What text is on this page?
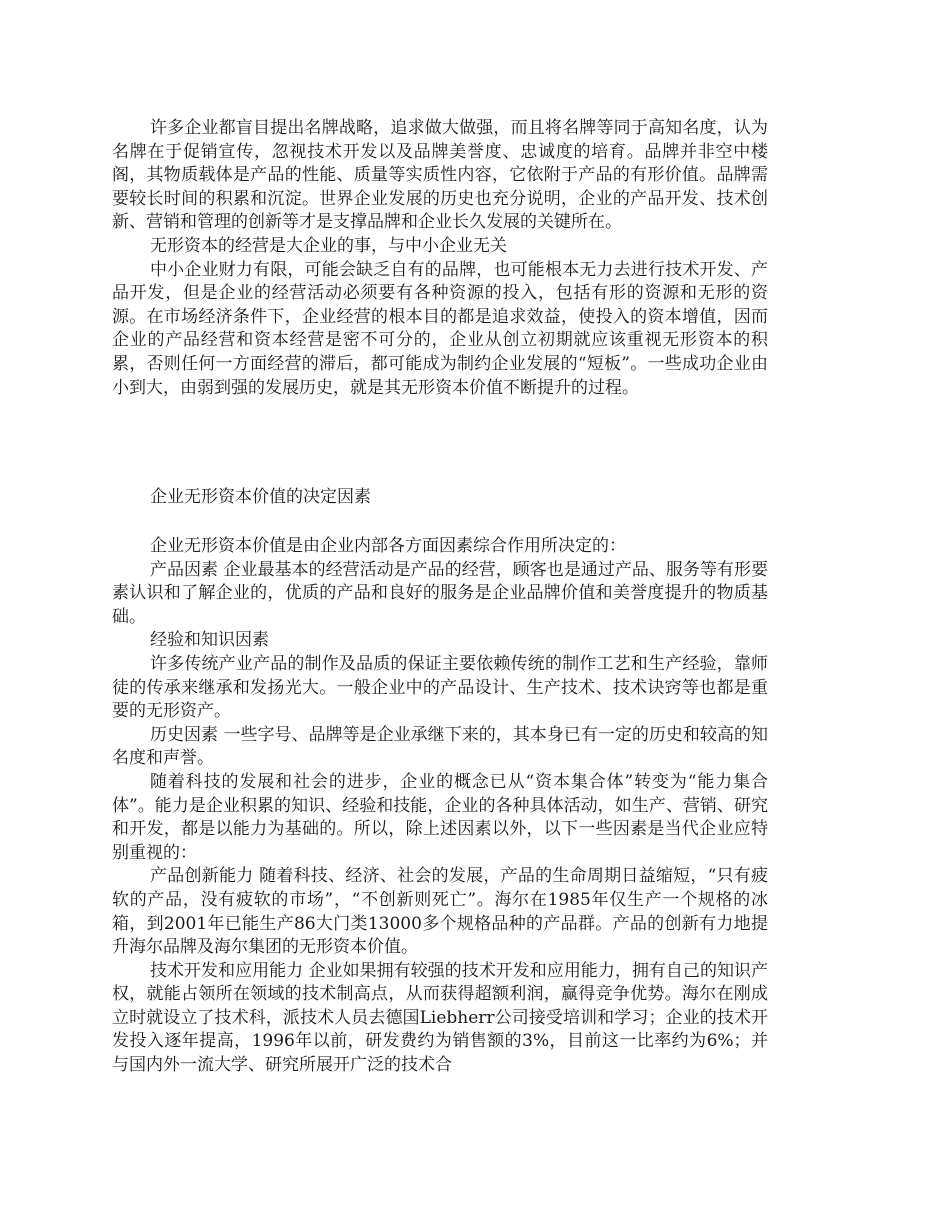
许多企业都盲目提出名牌战略，追求做大做强，而且将名牌等同于高知名度，认为名牌在于促销宣传，忽视技术开发以及品牌美誉度、忠诚度的培育。品牌并非空中楼阁，其物质载体是产品的性能、质量等实质性内容，它依附于产品的有形价值。品牌需要较长时间的积累和沉淀。世界企业发展的历史也充分说明，企业的产品开发、技术创新、营销和管理的创新等才是支撑品牌和企业长久发展的关键所在。

无形资本的经营是大企业的事，与中小企业无关

中小企业财力有限，可能会缺乏自有的品牌，也可能根本无力去进行技术开发、产品开发，但是企业的经营活动必须要有各种资源的投入，包括有形的资源和无形的资源。在市场经济条件下，企业经营的根本目的都是追求效益，使投入的资本增值，因而企业的产品经营和资本经营是密不可分的，企业从创立初期就应该重视无形资本的积累，否则任何一方面经营的滞后，都可能成为制约企业发展的“短板”。一些成功企业由小到大，由弱到强的发展历史，就是其无形资本价值不断提升的过程。

企业无形资本价值的决定因素

企业无形资本价值是由企业内部各方面因素综合作用所决定的：

产品因素 企业最基本的经营活动是产品的经营，顾客也是通过产品、服务等有形要素认识和了解企业的，优质的产品和良好的服务是企业品牌价值和美誉度提升的物质基础。

经验和知识因素

许多传统产业产品的制作及品质的保证主要依赖传统的制作工艺和生产经验，靠师徒的传承来继承和发扬光大。一般企业中的产品设计、生产技术、技术诀窍等也都是重要的无形资产。

历史因素 一些字号、品牌等是企业承继下来的，其本身已有一定的历史和较高的知名度和声誉。

随着科技的发展和社会的进步，企业的概念已从“资本集合体”转变为“能力集合体”。能力是企业积累的知识、经验和技能，企业的各种具体活动，如生产、营销、研究和开发，都是以能力为基础的。所以，除上述因素以外，以下一些因素是当代企业应特别重视的：

产品创新能力 随着科技、经济、社会的发展，产品的生命周期日益缩短，“只有疲软的产品，没有疲软的市场”，“不创新则死亡”。海尔在1985年仅生产一个规格的冰箱，到2001年已能生产86大门类13000多个规格品种的产品群。产品的创新有力地提升海尔品牌及海尔集团的无形资本价值。

技术开发和应用能力 企业如果拥有较强的技术开发和应用能力，拥有自己的知识产权，就能占领所在领域的技术制高点，从而获得超额利润，赢得竞争优势。海尔在刚成立时就设立了技术科，派技术人员去德国Liebherr公司接受培训和学习；企业的技术开发投入逐年提高，1996年以前，研发费约为销售额的3%，目前这一比率约为6%；并与国内外一流大学、研究所展开广泛的技术合
